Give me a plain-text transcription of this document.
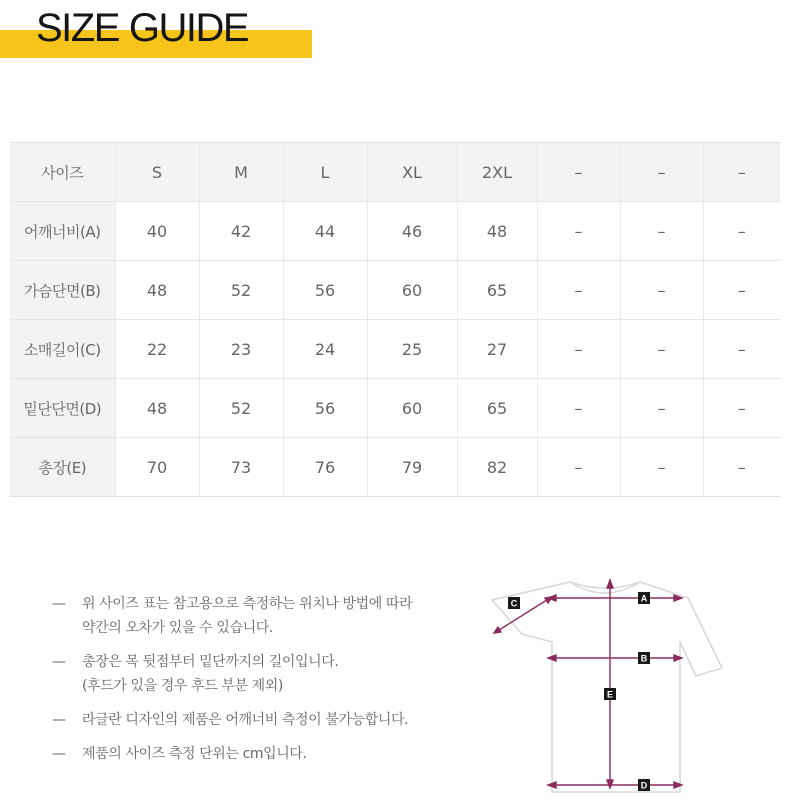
SIZE GUIDE
사이즈	S	M	L	XL	2XL	–	–	–
어깨너비(A)	40	42	44	46	48	–	–	–
가슴단면(B)	48	52	56	60	65	–	–	–
소매길이(C)	22	23	24	25	27	–	–	–
밑단단면(D)	48	52	56	60	65	–	–	–
총장(E)	70	73	76	79	82	–	–	–
— 위 사이즈 표는 참고용으로 측정하는 위치나 방법에 따라
약간의 오차가 있을 수 있습니다.
— 총장은 목 뒷점부터 밑단까지의 길이입니다.
(후드가 있을 경우 후드 부분 제외)
— 라글란 디자인의 제품은 어깨너비 측정이 불가능합니다.
— 제품의 사이즈 측정 단위는 cm입니다.
A
B
C
D
E
